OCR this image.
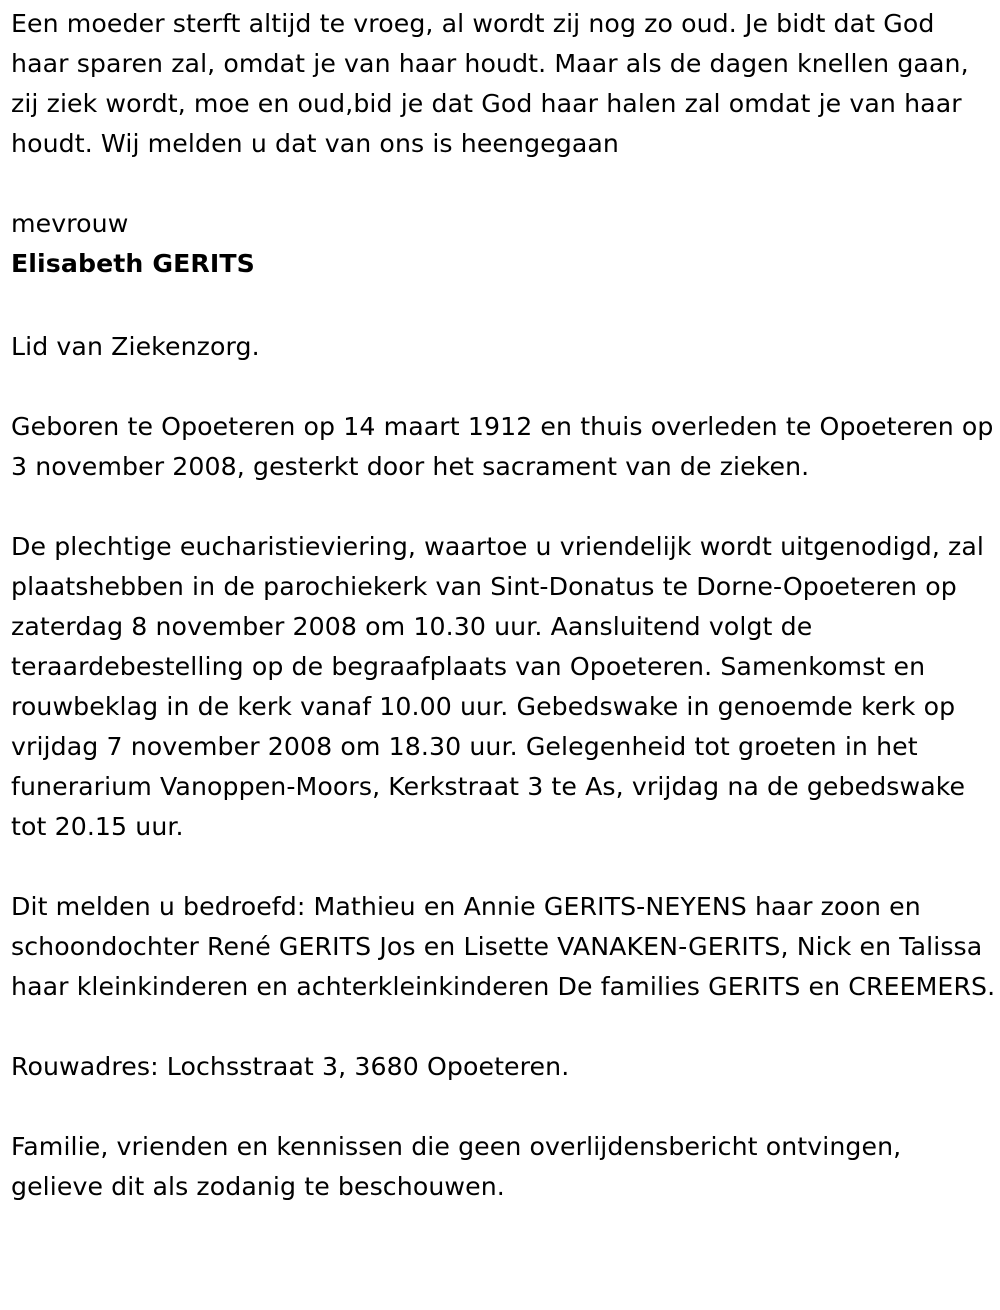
Een moeder sterft altijd te vroeg, al wordt zij nog zo oud. Je bidt dat God haar sparen zal, omdat je van haar houdt. Maar als de dagen knellen gaan, zij ziek wordt, moe en oud,bid je dat God haar halen zal omdat je van haar houdt. Wij melden u dat van ons is heengegaan

mevrouw

Elisabeth GERITS

Lid van Ziekenzorg.

Geboren te Opoeteren op 14 maart 1912 en thuis overleden te Opoeteren op 3 november 2008, gesterkt door het sacrament van de zieken.

De plechtige eucharistieviering, waartoe u vriendelijk wordt uitgenodigd, zal plaatshebben in de parochiekerk van Sint-Donatus te Dorne-Opoeteren op zaterdag 8 november 2008 om 10.30 uur. Aansluitend volgt de teraardebestelling op de begraafplaats van Opoeteren. Samenkomst en rouwbeklag in de kerk vanaf 10.00 uur. Gebedswake in genoemde kerk op vrijdag 7 november 2008 om 18.30 uur. Gelegenheid tot groeten in het funerarium Vanoppen-Moors, Kerkstraat 3 te As, vrijdag na de gebedswake tot 20.15 uur.

Dit melden u bedroefd: Mathieu en Annie GERITS-NEYENS haar zoon en schoondochter René GERITS Jos en Lisette VANAKEN-GERITS, Nick en Talissa haar kleinkinderen en achterkleinkinderen De families GERITS en CREEMERS.

Rouwadres: Lochsstraat 3, 3680 Opoeteren.

Familie, vrienden en kennissen die geen overlijdensbericht ontvingen, gelieve dit als zodanig te beschouwen.
